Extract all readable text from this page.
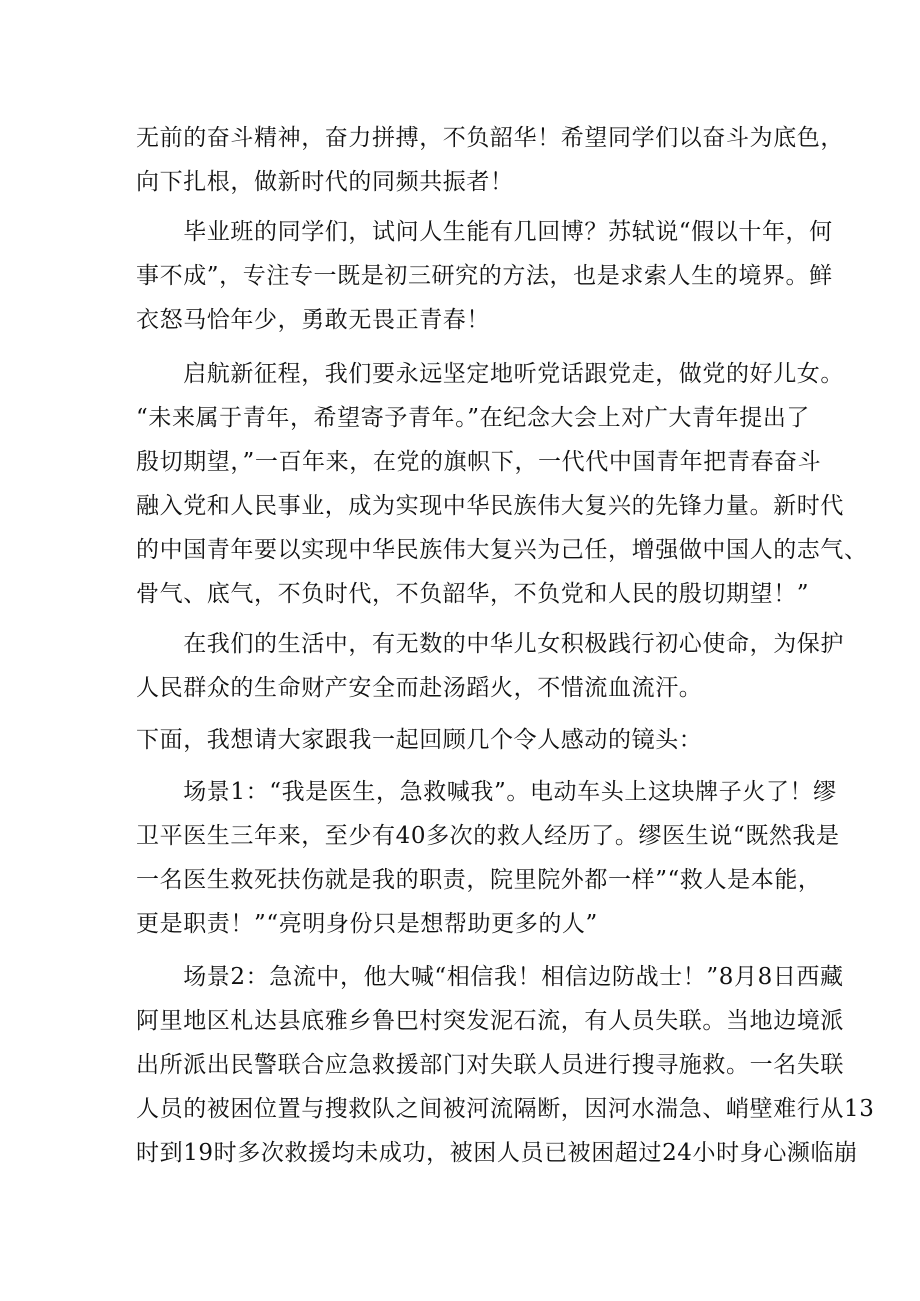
无前的奋斗精神，奋力拼搏，不负韶华！希望同学们以奋斗为底色，
向下扎根，做新时代的同频共振者！
　　毕业班的同学们，试问人生能有几回博？苏轼说“假以十年，何
事不成”，专注专一既是初三研究的方法，也是求索人生的境界。鲜
衣怒马恰年少，勇敢无畏正青春！
　　启航新征程，我们要永远坚定地听党话跟党走，做党的好儿女。
“未来属于青年，希望寄予青年。”在纪念大会上对广大青年提出了
殷切期望，”一百年来，在党的旗帜下，一代代中国青年把青春奋斗
融入党和人民事业，成为实现中华民族伟大复兴的先锋力量。新时代
的中国青年要以实现中华民族伟大复兴为己任，增强做中国人的志气、
骨气、底气，不负时代，不负韶华，不负党和人民的殷切期望！”
　　在我们的生活中，有无数的中华儿女积极践行初心使命，为保护
人民群众的生命财产安全而赴汤蹈火，不惜流血流汗。
下面，我想请大家跟我一起回顾几个令人感动的镜头：
　　场景1：“我是医生，急救喊我”。电动车头上这块牌子火了！缪
卫平医生三年来，至少有40多次的救人经历了。缪医生说“既然我是
一名医生救死扶伤就是我的职责，院里院外都一样”“救人是本能，
更是职责！”“亮明身份只是想帮助更多的人”
　　场景2：急流中，他大喊“相信我！相信边防战士！”8月8日西藏
阿里地区札达县底雅乡鲁巴村突发泥石流，有人员失联。当地边境派
出所派出民警联合应急救援部门对失联人员进行搜寻施救。一名失联
人员的被困位置与搜救队之间被河流隔断，因河水湍急、峭壁难行从13
时到19时多次救援均未成功，被困人员已被困超过24小时身心濒临崩
